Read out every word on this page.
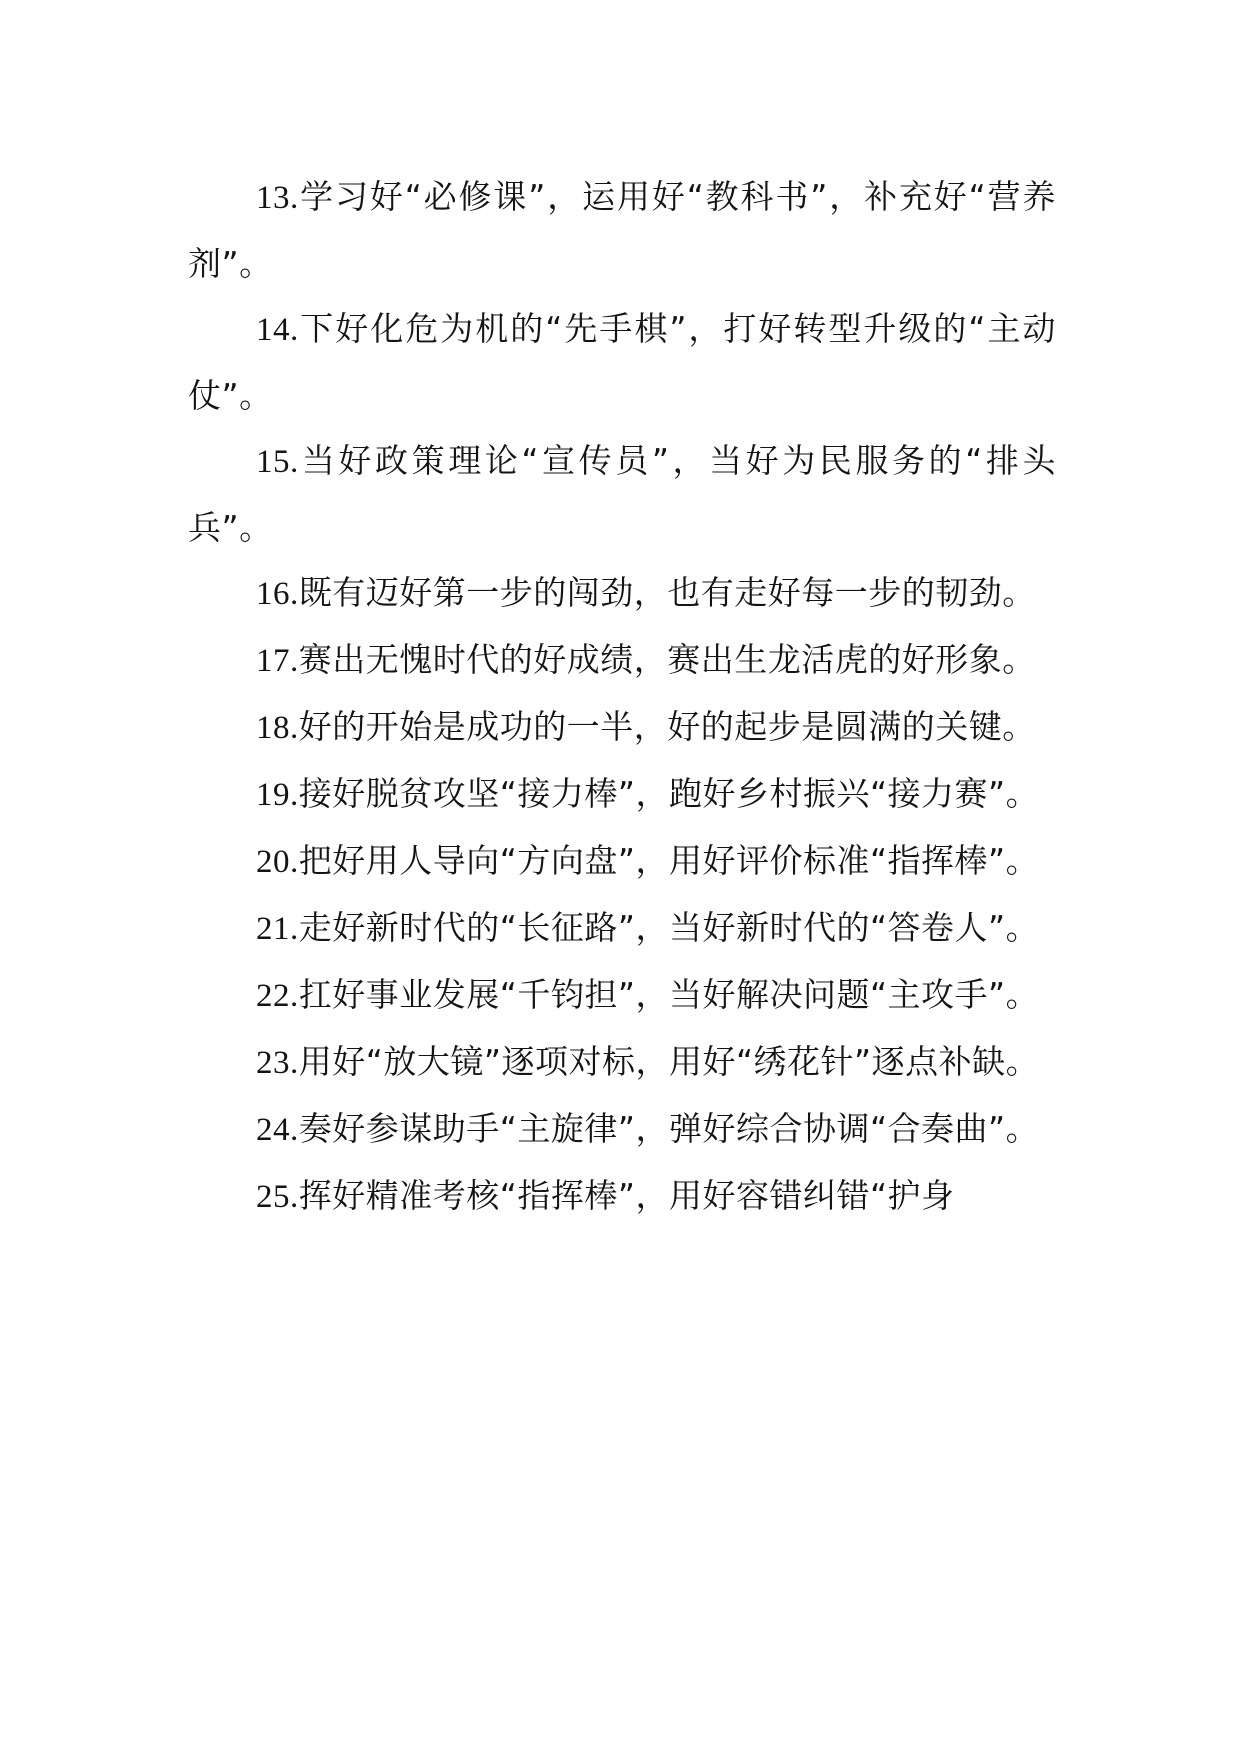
13.学习好“必修课”，运用好“教科书”，补充好“营养剂”。

14.下好化危为机的“先手棋”，打好转型升级的“主动仗”。

15.当好政策理论“宣传员”，当好为民服务的“排头兵”。

16.既有迈好第一步的闯劲，也有走好每一步的韧劲。

17.赛出无愧时代的好成绩，赛出生龙活虎的好形象。

18.好的开始是成功的一半，好的起步是圆满的关键。

19.接好脱贫攻坚“接力棒”，跑好乡村振兴“接力赛”。

20.把好用人导向“方向盘”，用好评价标准“指挥棒”。

21.走好新时代的“长征路”，当好新时代的“答卷人”。

22.扛好事业发展“千钧担”，当好解决问题“主攻手”。

23.用好“放大镜”逐项对标，用好“绣花针”逐点补缺。

24.奏好参谋助手“主旋律”，弹好综合协调“合奏曲”。

25.挥好精准考核“指挥棒”，用好容错纠错“护身
